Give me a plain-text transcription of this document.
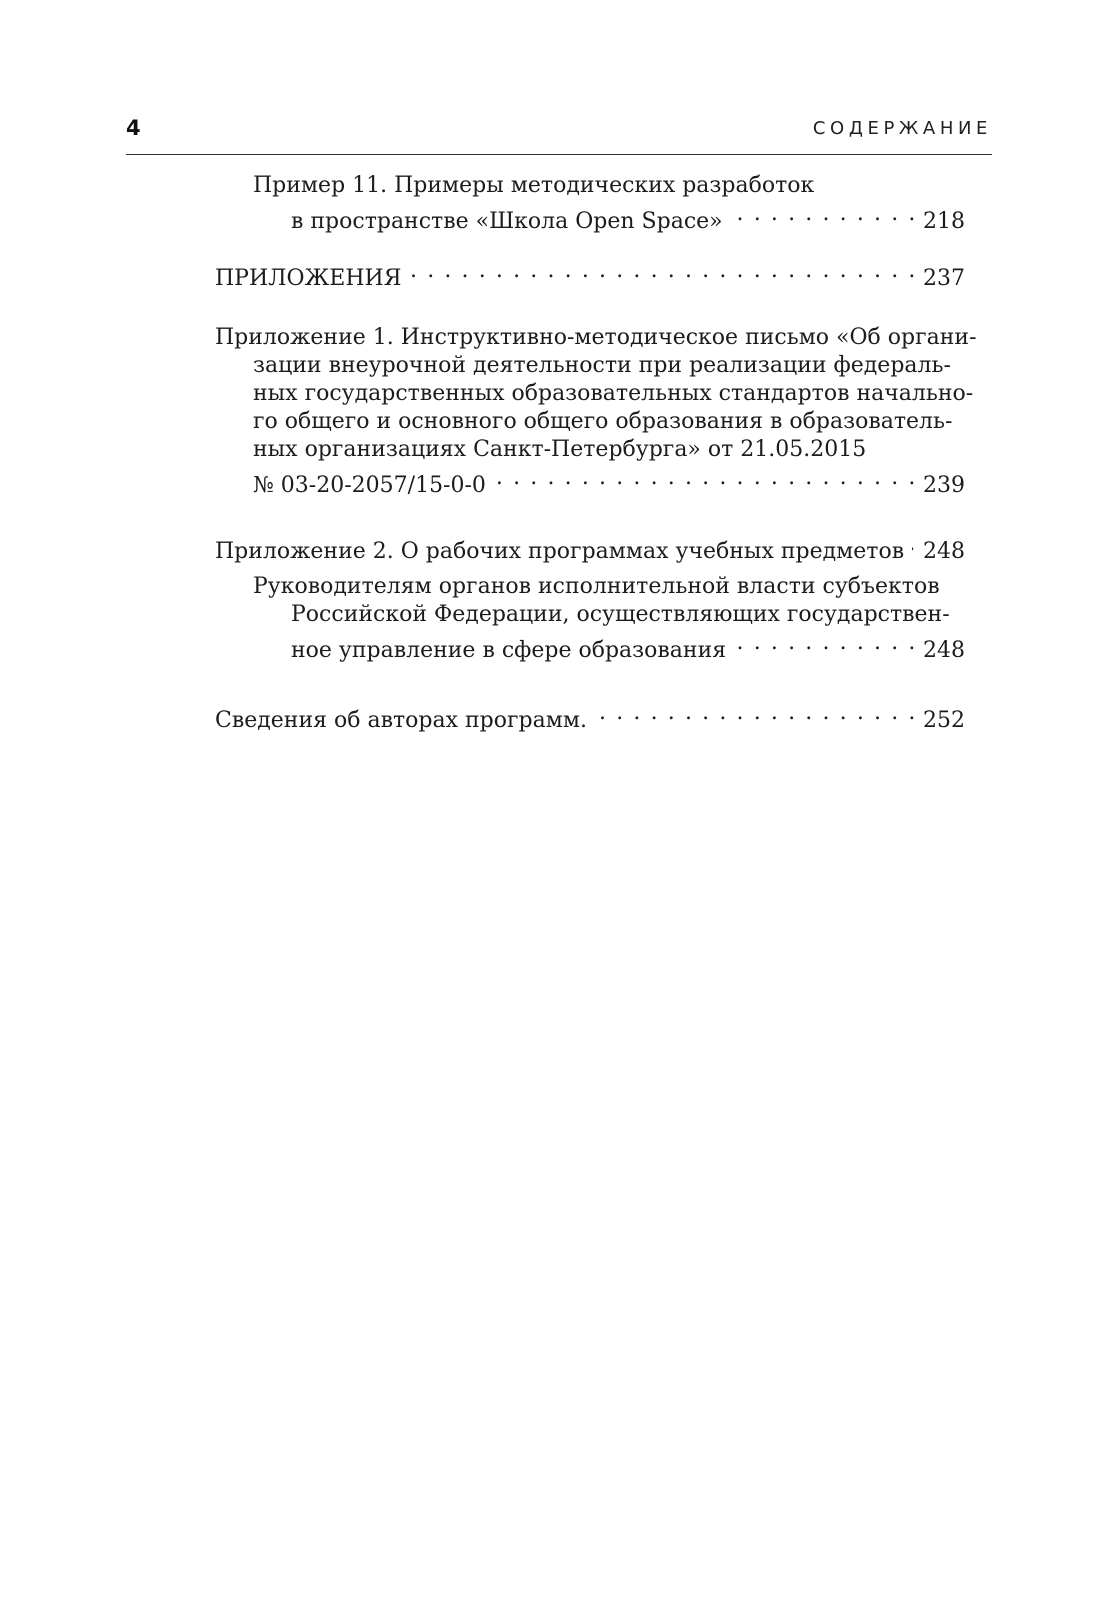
4	СОДЕРЖАНИЕ
Пример 11. Примеры методических разработок
в пространстве «Школа Open Space» . . .	218
ПРИЛОЖЕНИЯ . . .	237
Приложение 1. Инструктивно-методическое письмо «Об органи-
зации внеурочной деятельности при реализации федераль-
ных государственных образовательных стандартов начально-
го общего и основного общего образования в образователь-
ных организациях Санкт-Петербурга» от 21.05.2015
№ 03-20-2057/15-0-0 . . .	239
Приложение 2. О рабочих программах учебных предметов . . . 248
Руководителям органов исполнительной власти субъектов
Российской Федерации, осуществляющих государствен-
ное управление в сфере образования . . .	248
Сведения об авторах программ. . . .	252
